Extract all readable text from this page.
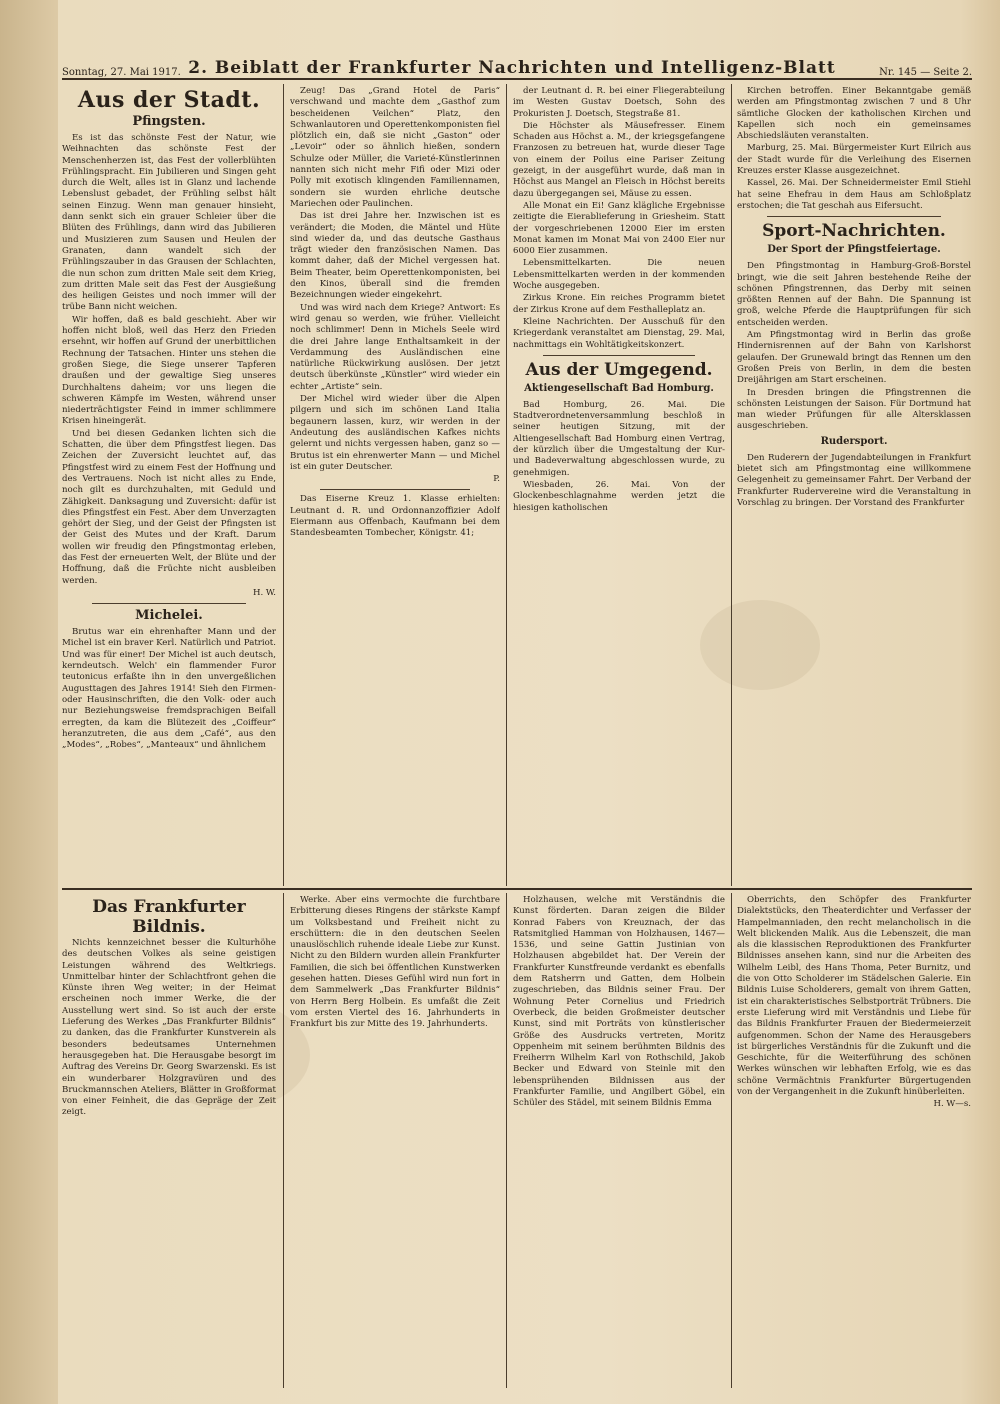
Sonntag, 27. Mai 1917. 2. Beiblatt der Frankfurter Nachrichten und Intelligenz-Blatt	Nr. 145 — Seite 2.
Aus der Stadt.
Pfingsten.

Es ist das schönste Fest der Natur, wie Weihnachten das schönste Fest der Menschenherzen ist, das Fest der vollerblühten Frühlingspracht. Ein Jubilieren und Singen geht durch die Welt, alles ist in Glanz und lachende Lebenslust gebadet, der Frühling selbst hält seinen Einzug. Wenn man genauer hinsieht, dann senkt sich ein grauer Schleier über die Blüten des Frühlings, dann wird das Jubilieren und Musizieren zum Sausen und Heulen der Granaten, dann wandelt sich der Frühlingszauber in das Grausen der Schlachten, die nun schon zum dritten Male seit dem Krieg, zum dritten Male seit das Fest der Ausgießung des heiligen Geistes und noch immer will der trübe Bann nicht weichen.

Wir hoffen, daß es bald geschieht. Aber wir hoffen nicht bloß, weil das Herz den Frieden ersehnt, wir hoffen auf Grund der unerbittlichen Rechnung der Tatsachen. Hinter uns stehen die großen Siege, die Siege unserer Tapferen draußen und der gewaltige Sieg unseres Durchhaltens daheim; vor uns liegen die schweren Kämpfe im Westen, während unser niederträchtigster Feind in immer schlimmere Krisen hineingerät.

Und bei diesen Gedanken lichten sich die Schatten, die über dem Pfingstfest liegen. Das Zeichen der Zuversicht leuchtet auf, das Pfingstfest wird zu einem Fest der Hoffnung und des Vertrauens. Noch ist nicht alles zu Ende, noch gilt es durchzuhalten, mit Geduld und Zähigkeit. Danksagung und Zuversicht: dafür ist dies Pfingstfest ein Fest. Aber dem Unverzagten gehört der Sieg, und der Geist der Pfingsten ist der Geist des Mutes und der Kraft. Darum wollen wir freudig den Pfingstmontag erleben, das Fest der erneuerten Welt, der Blüte und der Hoffnung, daß die Früchte nicht ausbleiben werden.

H. W.
Michelei.

Brutus war ein ehrenhafter Mann und der Michel ist ein braver Kerl. Natürlich und Patriot. Und was für einer! Der Michel ist auch deutsch, kerndeutsch. Welch' ein flammender Furor teutonicus erfaßte ihn in den unvergeßlichen Augusttagen des Jahres 1914! Sieh den Firmen- oder Hausinschriften, die den Volk- oder auch nur Beziehungsweise fremdsprachigen Beifall erregten, da kam die Blütezeit des „Coiffeur“ heranzutreten, die aus dem „Café“, aus den „Modes“, „Robes“, „Manteaux“ und ähnlichem

Zeug! Das „Grand Hotel de Paris“ verschwand und machte dem „Gasthof zum bescheidenen Veilchen“ Platz, den Schwanlautoren und Operettenkomponisten fiel plötzlich ein, daß sie nicht „Gaston“ oder „Levoir“ oder so ähnlich hießen, sondern Schulze oder Müller, die Varieté-Künstlerinnen nannten sich nicht mehr Fifi oder Mizi oder Polly mit exotisch klingenden Familiennamen, sondern sie wurden ehrliche deutsche Mariechen oder Paulinchen.

Das ist drei Jahre her. Inzwischen ist es verändert; die Moden, die Mäntel und Hüte sind wieder da, und das deutsche Gasthaus trägt wieder den französischen Namen. Das kommt daher, daß der Michel vergessen hat. Beim Theater, beim Operettenkomponisten, bei den Kinos, überall sind die fremden Bezeichnungen wieder eingekehrt.

Und was wird nach dem Kriege? Antwort: Es wird genau so werden, wie früher. Vielleicht noch schlimmer! Denn in Michels Seele wird die drei Jahre lange Enthaltsamkeit in der Verdammung des Ausländischen eine natürliche Rückwirkung auslösen. Der jetzt deutsch überkünste „Künstler“ wird wieder ein echter „Artiste“ sein.

Der Michel wird wieder über die Alpen pilgern und sich im schönen Land Italia begaunern lassen, kurz, wir werden in der Andeutung des ausländischen Kafkes nichts gelernt und nichts vergessen haben, ganz so — Brutus ist ein ehrenwerter Mann — und Michel ist ein guter Deutscher.

P.

Das Eiserne Kreuz 1. Klasse erhielten: Leutnant d. R. und Ordonnanzoffizier Adolf Eiermann aus Offenbach, Kaufmann bei dem Standesbeamten Tombecher, Königstr. 41;

der Leutnant d. R. bei einer Fliegerabteilung im Westen Gustav Doetsch, Sohn des Prokuristen J. Doetsch, Stegstraße 81.

Die Höchster als Mäusefresser. Einem Schaden aus Höchst a. M., der kriegsgefangene Franzosen zu betreuen hat, wurde dieser Tage von einem der Poilus eine Pariser Zeitung gezeigt, in der ausgeführt wurde, daß man in Höchst aus Mangel an Fleisch in Höchst bereits dazu übergegangen sei, Mäuse zu essen.

Alle Monat ein Ei! Ganz klägliche Ergebnisse zeitigte die Eierablieferung in Griesheim. Statt der vorgeschriebenen 12000 Eier im ersten Monat kamen im Monat Mai von 2400 Eier nur 6000 Eier zusammen.

Lebensmittelkarten. Die neuen Lebensmittelkarten werden in der kommenden Woche ausgegeben.

Zirkus Krone. Ein reiches Programm bietet der Zirkus Krone auf dem Festhalleplatz an.

Kleine Nachrichten. Der Ausschuß für den Kriegerdank veranstaltet am Dienstag, 29. Mai, nachmittags ein Wohltätigkeitskonzert.

Aus der Umgegend.
Aktiengesellschaft Bad Homburg.

Bad Homburg, 26. Mai. Die Stadtverordnetenversammlung beschloß in seiner heutigen Sitzung, mit der Altiengesellschaft Bad Homburg einen Vertrag, der kürzlich über die Umgestaltung der Kur- und Badeverwaltung abgeschlossen wurde, zu genehmigen.

Wiesbaden, 26. Mai. Von der Glockenbeschlagnahme werden jetzt die hiesigen katholischen

Kirchen betroffen. Einer Bekanntgabe gemäß werden am Pfingstmontag zwischen 7 und 8 Uhr sämtliche Glocken der katholischen Kirchen und Kapellen sich noch ein gemeinsames Abschiedsläuten veranstalten.

Marburg, 25. Mai. Bürgermeister Kurt Eilrich aus der Stadt wurde für die Verleihung des Eisernen Kreuzes erster Klasse ausgezeichnet.

Kassel, 26. Mai. Der Schneidermeister Emil Stiehl hat seine Ehefrau in dem Haus am Schloßplatz erstochen; die Tat geschah aus Eifersucht.

Sport-Nachrichten.
Der Sport der Pfingstfeiertage.

Den Pfingstmontag in Hamburg-Groß-Borstel bringt, wie die seit Jahren bestehende Reihe der schönen Pfingstrennen, das Derby mit seinen größten Rennen auf der Bahn. Die Spannung ist groß, welche Pferde die Hauptprüfungen für sich entscheiden werden.

Am Pfingstmontag wird in Berlin das große Hindernisrennen auf der Bahn von Karlshorst gelaufen. Der Grunewald bringt das Rennen um den Großen Preis von Berlin, in dem die besten Dreijährigen am Start erscheinen.

In Dresden bringen die Pfingstrennen die schönsten Leistungen der Saison. Für Dortmund hat man wieder Prüfungen für alle Altersklassen ausgeschrieben.

Rudersport.

Den Ruderern der Jugendabteilungen in Frankfurt bietet sich am Pfingstmontag eine willkommene Gelegenheit zu gemeinsamer Fahrt. Der Verband der Frankfurter Rudervereine wird die Veranstaltung in Vorschlag zu bringen. Der Vorstand des Frankfurter

Das Frankfurter Bildnis.

Nichts kennzeichnet besser die Kulturhöhe des deutschen Volkes als seine geistigen Leistungen während des Weltkriegs. Unmittelbar hinter der Schlachtfront gehen die Künste ihren Weg weiter; in der Heimat erscheinen noch immer Werke, die der Ausstellung wert sind. So ist auch der erste Lieferung des Werkes „Das Frankfurter Bildnis“ zu danken, das die Frankfurter Kunstverein als besonders bedeutsames Unternehmen herausgegeben hat. Die Herausgabe besorgt im Auftrag des Vereins Dr. Georg Swarzenski. Es ist ein wunderbarer Holzgravüren und des Bruckmannschen Ateliers, Blätter in Großformat von einer Feinheit, die das Gepräge der Zeit zeigt.

Werke. Aber eins vermochte die furchtbare Erbitterung dieses Ringens der stärkste Kampf um Volksbestand und Freiheit nicht zu erschüttern: die in den deutschen Seelen unauslöschlich ruhende ideale Liebe zur Kunst. Nicht zu den Bildern wurden allein Frankfurter Familien, die sich bei öffentlichen Kunstwerken gesehen hatten. Dieses Gefühl wird nun fort in dem Sammelwerk „Das Frankfurter Bildnis“ von Herrn Berg Holbein. Es umfaßt die Zeit vom ersten Viertel des 16. Jahrhunderts in Frankfurt bis zur Mitte des 19. Jahrhunderts.

Holzhausen, welche mit Verständnis die Kunst förderten. Daran zeigen die Bilder Konrad Fabers von Kreuznach, der das Ratsmitglied Hamman von Holzhausen, 1467—1536, und seine Gattin Justinian von Holzhausen abgebildet hat. Der Verein der Frankfurter Kunstfreunde verdankt es ebenfalls dem Ratsherrn und Gatten, dem Holbein zugeschrieben, das Bildnis seiner Frau. Der Wohnung Peter Cornelius und Friedrich Overbeck, die beiden Großmeister deutscher Kunst, sind mit Porträts von künstlerischer Größe des Ausdrucks vertreten, Moritz Oppenheim mit seinem berühmten Bildnis des Freiherrn Wilhelm Karl von Rothschild, Jakob Becker und Edward von Steinle mit den lebensprühenden Bildnissen aus der Frankfurter Familie, und Angilbert Göbel, ein Schüler des Städel, mit seinem Bildnis Emma

Oberrichts, den Schöpfer des Frankfurter Dialektstücks, den Theaterdichter und Verfasser der Hampelmanniaden, den recht melancholisch in die Welt blickenden Malik. Aus die Lebenszeit, die man als die klassischen Reproduktionen des Frankfurter Bildnisses ansehen kann, sind nur die Arbeiten des Wilhelm Leibl, des Hans Thoma, Peter Burnitz, und die von Otto Scholderer im Städelschen Galerie. Ein Bildnis Luise Scholderers, gemalt von ihrem Gatten, ist ein charakteristisches Selbstporträt Trübners. Die erste Lieferung wird mit Verständnis und Liebe für das Bildnis Frankfurter Frauen der Biedermeierzeit aufgenommen. Schon der Name des Herausgebers ist bürgerliches Verständnis für die Zukunft und die Geschichte, für die Weiterführung des schönen Werkes wünschen wir lebhaften Erfolg, wie es das schöne Vermächtnis Frankfurter Bürgertugenden von der Vergangenheit in die Zukunft hinüberleiten.

H. W—s.
